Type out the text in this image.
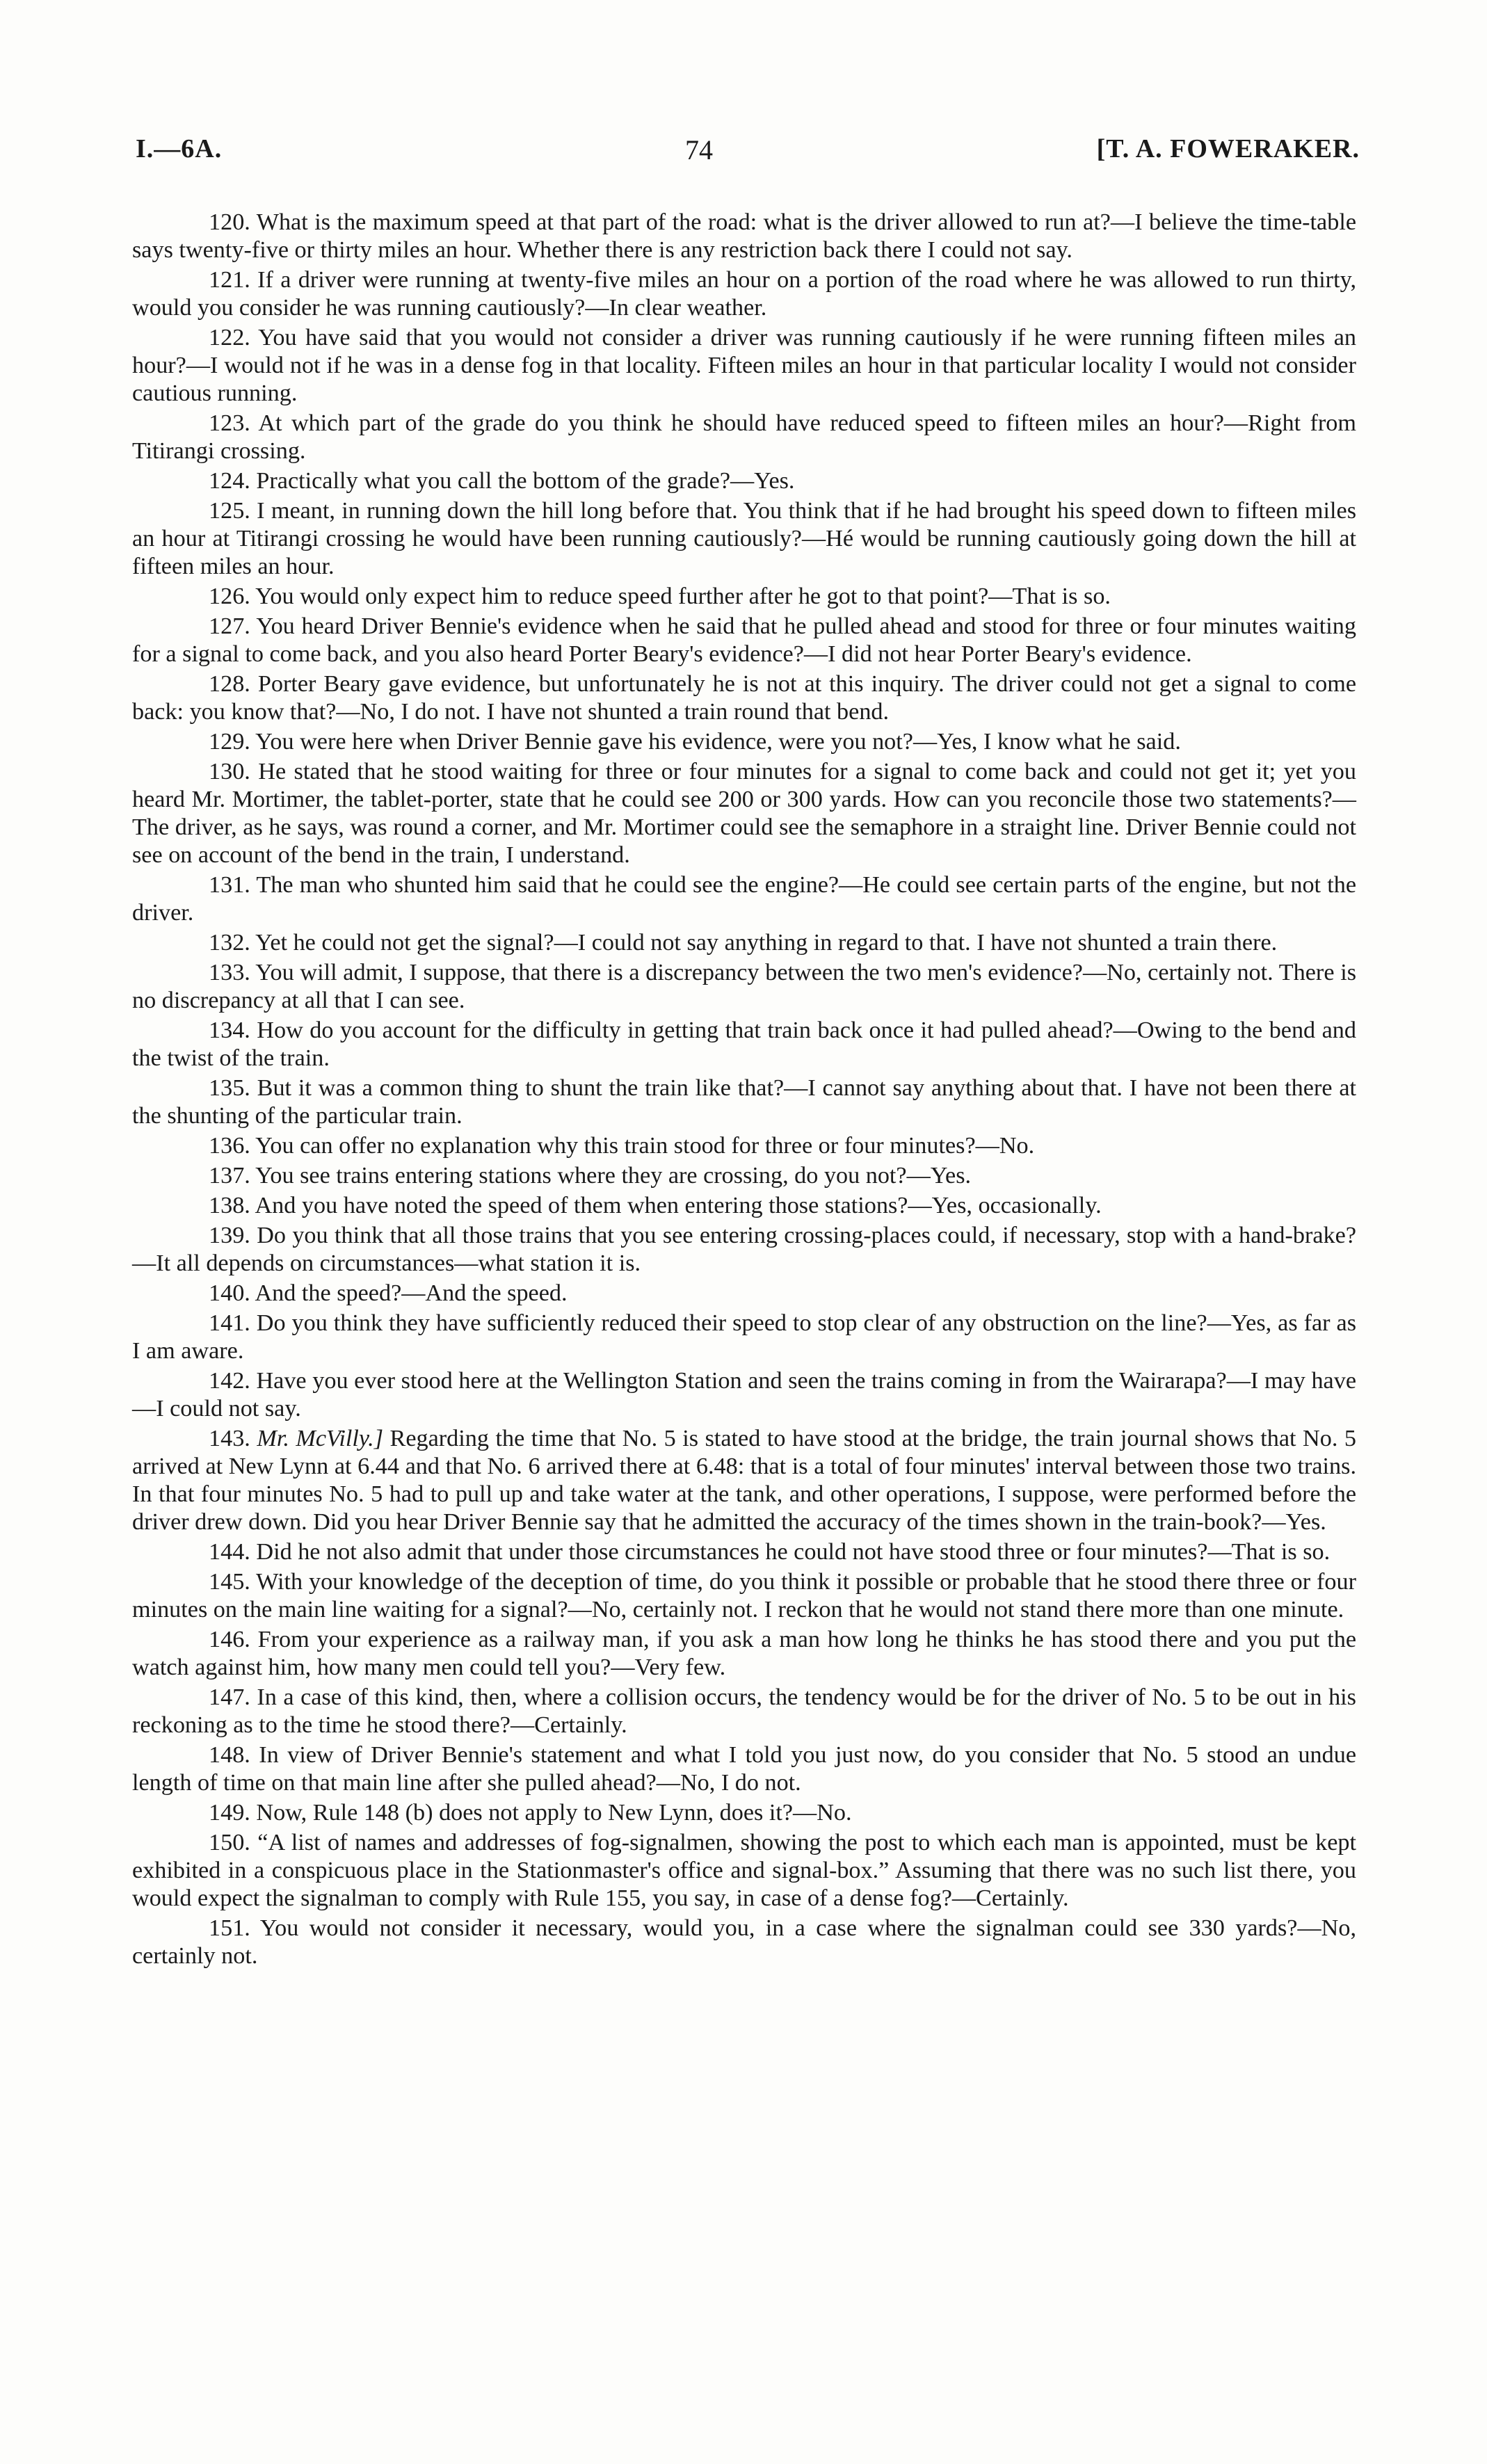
I.—6A.	74	[T. A. FOWERAKER.

120. What is the maximum speed at that part of the road: what is the driver allowed to run at?—I believe the time-table says twenty-five or thirty miles an hour. Whether there is any restriction back there I could not say.

121. If a driver were running at twenty-five miles an hour on a portion of the road where he was allowed to run thirty, would you consider he was running cautiously?—In clear weather.

122. You have said that you would not consider a driver was running cautiously if he were running fifteen miles an hour?—I would not if he was in a dense fog in that locality. Fifteen miles an hour in that particular locality I would not consider cautious running.

123. At which part of the grade do you think he should have reduced speed to fifteen miles an hour?—Right from Titirangi crossing.

124. Practically what you call the bottom of the grade?—Yes.

125. I meant, in running down the hill long before that. You think that if he had brought his speed down to fifteen miles an hour at Titirangi crossing he would have been running cautiously?—Hé would be running cautiously going down the hill at fifteen miles an hour.

126. You would only expect him to reduce speed further after he got to that point?—That is so.

127. You heard Driver Bennie's evidence when he said that he pulled ahead and stood for three or four minutes waiting for a signal to come back, and you also heard Porter Beary's evidence?—I did not hear Porter Beary's evidence.

128. Porter Beary gave evidence, but unfortunately he is not at this inquiry. The driver could not get a signal to come back: you know that?—No, I do not. I have not shunted a train round that bend.

129. You were here when Driver Bennie gave his evidence, were you not?—Yes, I know what he said.

130. He stated that he stood waiting for three or four minutes for a signal to come back and could not get it; yet you heard Mr. Mortimer, the tablet-porter, state that he could see 200 or 300 yards. How can you reconcile those two statements?—The driver, as he says, was round a corner, and Mr. Mortimer could see the semaphore in a straight line. Driver Bennie could not see on account of the bend in the train, I understand.

131. The man who shunted him said that he could see the engine?—He could see certain parts of the engine, but not the driver.

132. Yet he could not get the signal?—I could not say anything in regard to that. I have not shunted a train there.

133. You will admit, I suppose, that there is a discrepancy between the two men's evidence?—No, certainly not. There is no discrepancy at all that I can see.

134. How do you account for the difficulty in getting that train back once it had pulled ahead?—Owing to the bend and the twist of the train.

135. But it was a common thing to shunt the train like that?—I cannot say anything about that. I have not been there at the shunting of the particular train.

136. You can offer no explanation why this train stood for three or four minutes?—No.

137. You see trains entering stations where they are crossing, do you not?—Yes.

138. And you have noted the speed of them when entering those stations?—Yes, occasionally.

139. Do you think that all those trains that you see entering crossing-places could, if necessary, stop with a hand-brake?—It all depends on circumstances—what station it is.

140. And the speed?—And the speed.

141. Do you think they have sufficiently reduced their speed to stop clear of any obstruction on the line?—Yes, as far as I am aware.

142. Have you ever stood here at the Wellington Station and seen the trains coming in from the Wairarapa?—I may have—I could not say.

143. Mr. McVilly.] Regarding the time that No. 5 is stated to have stood at the bridge, the train journal shows that No. 5 arrived at New Lynn at 6.44 and that No. 6 arrived there at 6.48: that is a total of four minutes' interval between those two trains. In that four minutes No. 5 had to pull up and take water at the tank, and other operations, I suppose, were performed before the driver drew down. Did you hear Driver Bennie say that he admitted the accuracy of the times shown in the train-book?—Yes.

144. Did he not also admit that under those circumstances he could not have stood three or four minutes?—That is so.

145. With your knowledge of the deception of time, do you think it possible or probable that he stood there three or four minutes on the main line waiting for a signal?—No, certainly not. I reckon that he would not stand there more than one minute.

146. From your experience as a railway man, if you ask a man how long he thinks he has stood there and you put the watch against him, how many men could tell you?—Very few.

147. In a case of this kind, then, where a collision occurs, the tendency would be for the driver of No. 5 to be out in his reckoning as to the time he stood there?—Certainly.

148. In view of Driver Bennie's statement and what I told you just now, do you consider that No. 5 stood an undue length of time on that main line after she pulled ahead?—No, I do not.

149. Now, Rule 148 (b) does not apply to New Lynn, does it?—No.

150. “A list of names and addresses of fog-signalmen, showing the post to which each man is appointed, must be kept exhibited in a conspicuous place in the Stationmaster's office and signal-box.” Assuming that there was no such list there, you would expect the signalman to comply with Rule 155, you say, in case of a dense fog?—Certainly.

151. You would not consider it necessary, would you, in a case where the signalman could see 330 yards?—No, certainly not.
